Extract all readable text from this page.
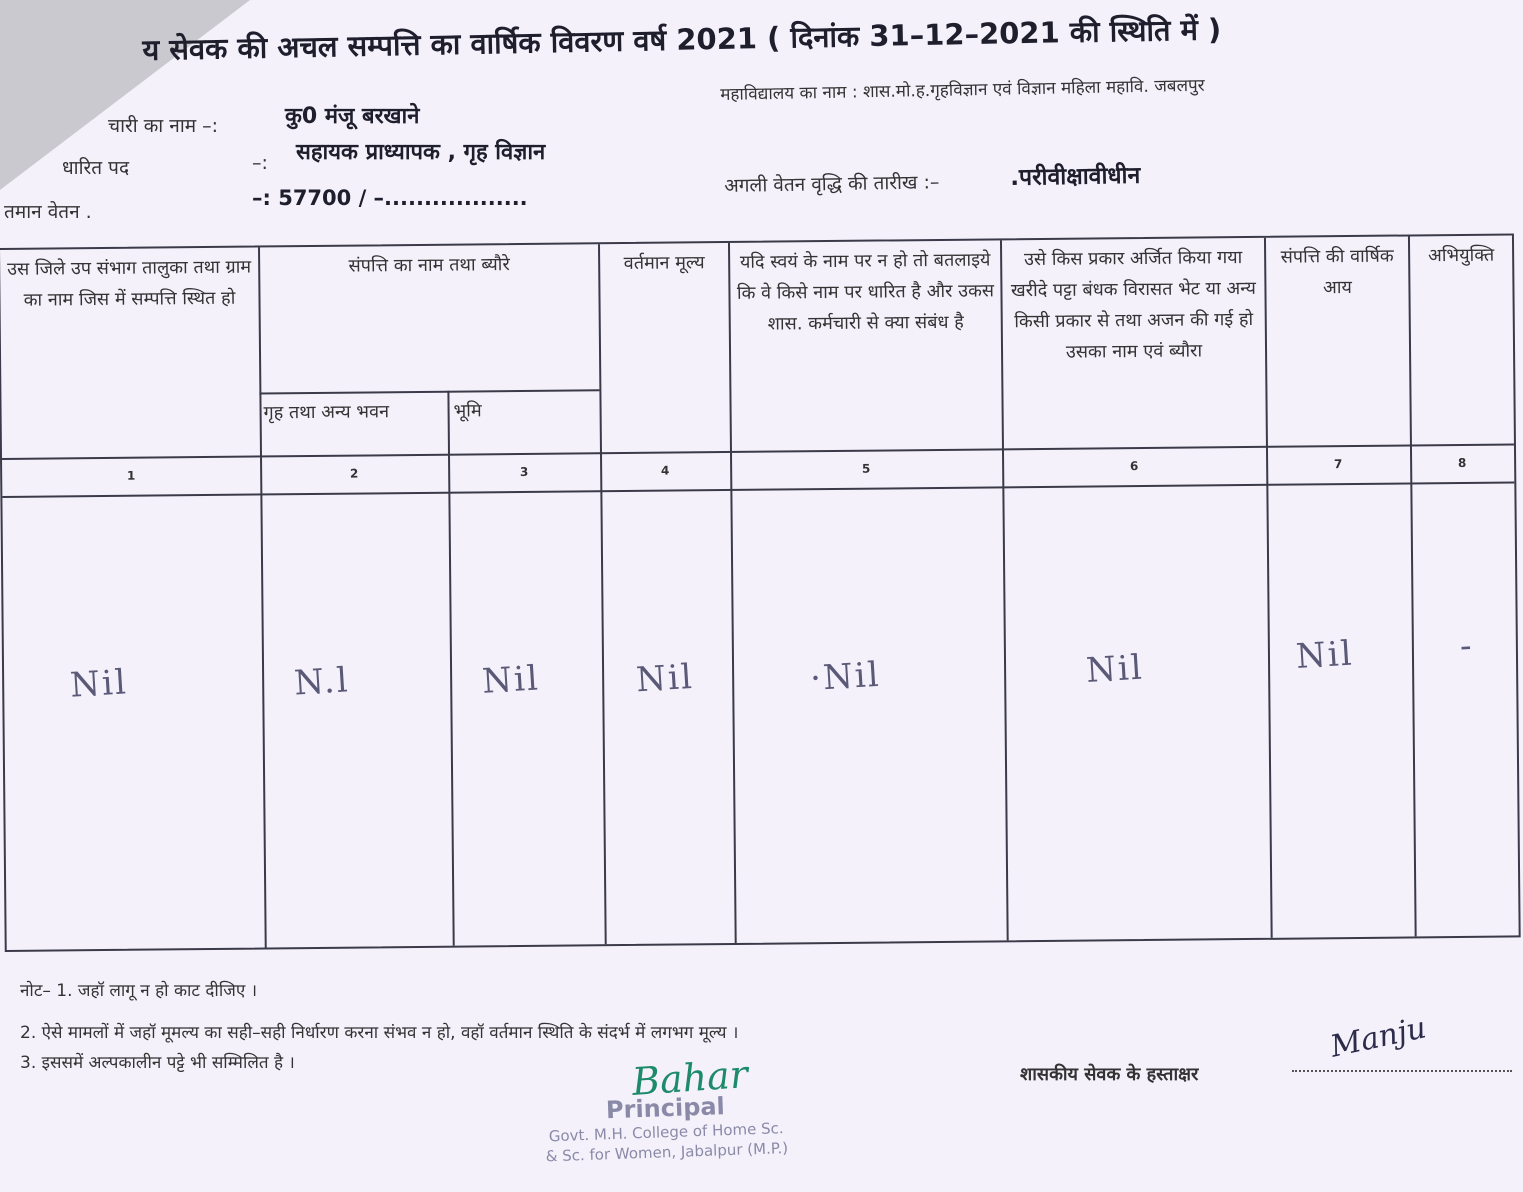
य सेवक की अचल सम्पत्ति का वार्षिक विवरण वर्ष 2021 ( दिनांक 31–12–2021 की स्थिति में )
चारी का नाम –:	कु0 मंजू बरखाने
धारित पद	–: सहायक प्राध्यापक , गृह विज्ञान
तमान वेतन .
–: 57700 / –..................
महाविद्यालय का नाम : शास.मो.ह.गृहविज्ञान एवं विज्ञान महिला महावि. जबलपुर
अगली वेतन वृद्धि की तारीख :–	.परीवीक्षावीधीन
उस जिले उप संभाग तालुका तथा ग्राम का नाम जिस में सम्पत्ति स्थित हो
संपत्ति का नाम तथा ब्यौरे
गृह तथा अन्य भवन	भूमि
वर्तमान मूल्य	यदि स्वयं के नाम पर न हो तो बतलाइये कि वे किसे नाम पर धारित है और उकस शास. कर्मचारी से क्या संबंध है
उसे किस प्रकार अर्जित किया गया खरीदे पट्टा बंधक विरासत भेट या अन्य किसी प्रकार से तथा अजन की गई हो उसका नाम एवं ब्यौरा
संपत्ति की वार्षिक आय
अभियुक्ति
1	2	3	4	5	6	7	8
Nil	N.l	Nil	Nil	·Nil	Nil	Nil	-
नोट– 1. जहॉ लागू न हो काट दीजिए ।
2. ऐसे मामलों में जहॉ मूमल्य का सही–सही निर्धारण करना संभव न हो, वहॉ वर्तमान स्थिति के संदर्भ में लगभग मूल्य ।
3. इससमें अल्पकालीन पट्टे भी सम्मिलित है ।
शासकीय सेवक के हस्ताक्षर
Manju
Bahar
Principal
Govt. M.H. College of Home Sc.
& Sc. for Women, Jabalpur (M.P.)
